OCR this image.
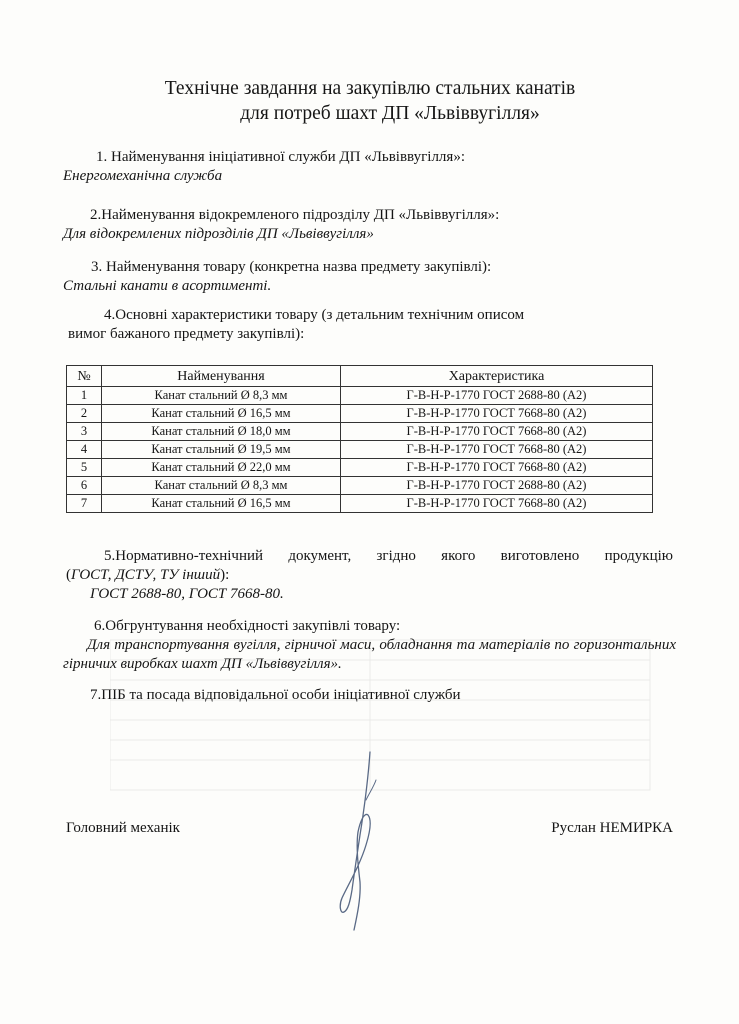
Технічне завдання на закупівлю стальних канатів
для потреб шахт ДП «Львіввугілля»
1. Найменування ініціативної служби ДП «Львіввугілля»:
Енергомеханічна служба
2.Найменування відокремленого підрозділу ДП «Львіввугілля»:
Для відокремлених підрозділів ДП «Львіввугілля»
3. Найменування товару (конкретна назва предмету закупівлі):
Стальні канати в асортименті.
4.Основні характеристики товару (з детальним технічним описом
вимог бажаного предмету закупівлі):
№	Найменування	Характеристика
1	Канат стальний Ø 8,3 мм	Г-В-Н-Р-1770 ГОСТ 2688-80 (А2)
2	Канат стальний Ø 16,5 мм	Г-В-Н-Р-1770 ГОСТ 7668-80 (А2)
3	Канат стальний Ø 18,0 мм	Г-В-Н-Р-1770 ГОСТ 7668-80 (А2)
4	Канат стальний Ø 19,5 мм	Г-В-Н-Р-1770 ГОСТ 7668-80 (А2)
5	Канат стальний Ø 22,0 мм	Г-В-Н-Р-1770 ГОСТ 7668-80 (А2)
6	Канат стальний Ø 8,3 мм	Г-В-Н-Р-1770 ГОСТ 2688-80 (А2)
7	Канат стальний Ø 16,5 мм	Г-В-Н-Р-1770 ГОСТ 7668-80 (А2)
5.Нормативно-технічний документ, згідно якого виготовлено продукцію
(ГОСТ, ДСТУ, ТУ інший):
ГОСТ 2688-80, ГОСТ 7668-80.
6.Обгрунтування необхідності закупівлі товару:
Для транспортування вугілля, гірничої маси, обладнання та матеріалів по горизонтальних гірничих виробках шахт ДП «Львіввугілля».
7.ПІБ та посада відповідальної особи ініціативної служби
Головний механік	Руслан НЕМИРКА
